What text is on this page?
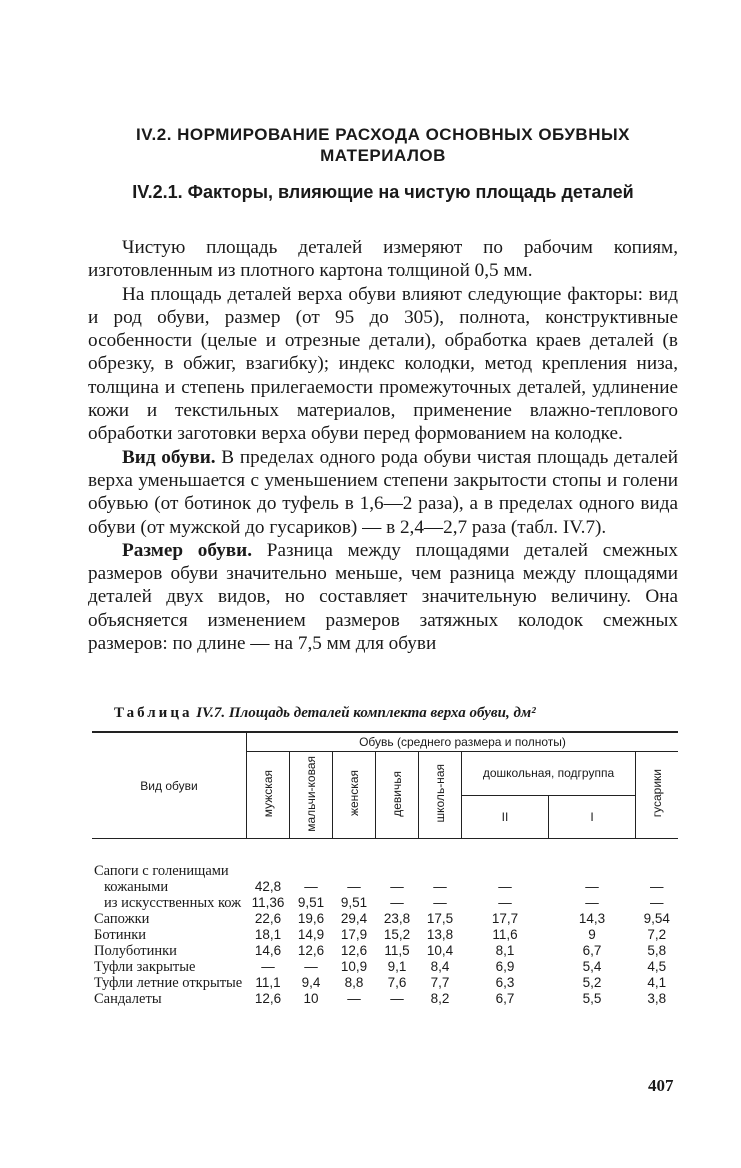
IV.2. НОРМИРОВАНИЕ РАСХОДА ОСНОВНЫХ ОБУВНЫХ МАТЕРИАЛОВ
IV.2.1. Факторы, влияющие на чистую площадь деталей

Чистую площадь деталей измеряют по рабочим копиям, изготовленным из плотного картона толщиной 0,5 мм.

На площадь деталей верха обуви влияют следующие факторы: вид и род обуви, размер (от 95 до 305), полнота, конструктивные особенности (целые и отрезные детали), обработка краев деталей (в обрезку, в обжиг, взагибку); индекс колодки, метод крепления низа, толщина и степень прилегаемости промежуточных деталей, удлинение кожи и текстильных материалов, применение влажно-теплового обработки заготовки верха обуви перед формованием на колодке.

Вид обуви. В пределах одного рода обуви чистая площадь деталей верха уменьшается с уменьшением степени закрытости стопы и голени обувью (от ботинок до туфель в 1,6—2 раза), а в пределах одного вида обуви (от мужской до гусариков) — в 2,4—2,7 раза (табл. IV.7).

Размер обуви. Разница между площадями деталей смежных размеров обуви значительно меньше, чем разница между площадями деталей двух видов, но составляет значительную величину. Она объясняется изменением размеров затяжных колодок смежных размеров: по длине — на 7,5 мм для обуви

Таблица IV.7. Площадь деталей комплекта верха обуви, дм²
Вид обуви	Обувь (среднего размера и полноты)							
	мужская	мальчи-ковая	женская	девичья	школь-ная	дошкольная, подгруппа		гусарики
						II	I	
Сапоги с голенищами								
кожаными	42,8	—	—	—	—	—	—	—
из искусственных кож	11,36	9,51	9,51	—	—	—	—	—
Сапожки	22,6	19,6	29,4	23,8	17,5	17,7	14,3	9,54
Ботинки	18,1	14,9	17,9	15,2	13,8	11,6	9	7,2
Полуботинки	14,6	12,6	12,6	11,5	10,4	8,1	6,7	5,8
Туфли закрытые	—	—	10,9	9,1	8,4	6,9	5,4	4,5
Туфли летние открытые	11,1	9,4	8,8	7,6	7,7	6,3	5,2	4,1
Сандалеты	12,6	10	—	—	8,2	6,7	5,5	3,8
407
